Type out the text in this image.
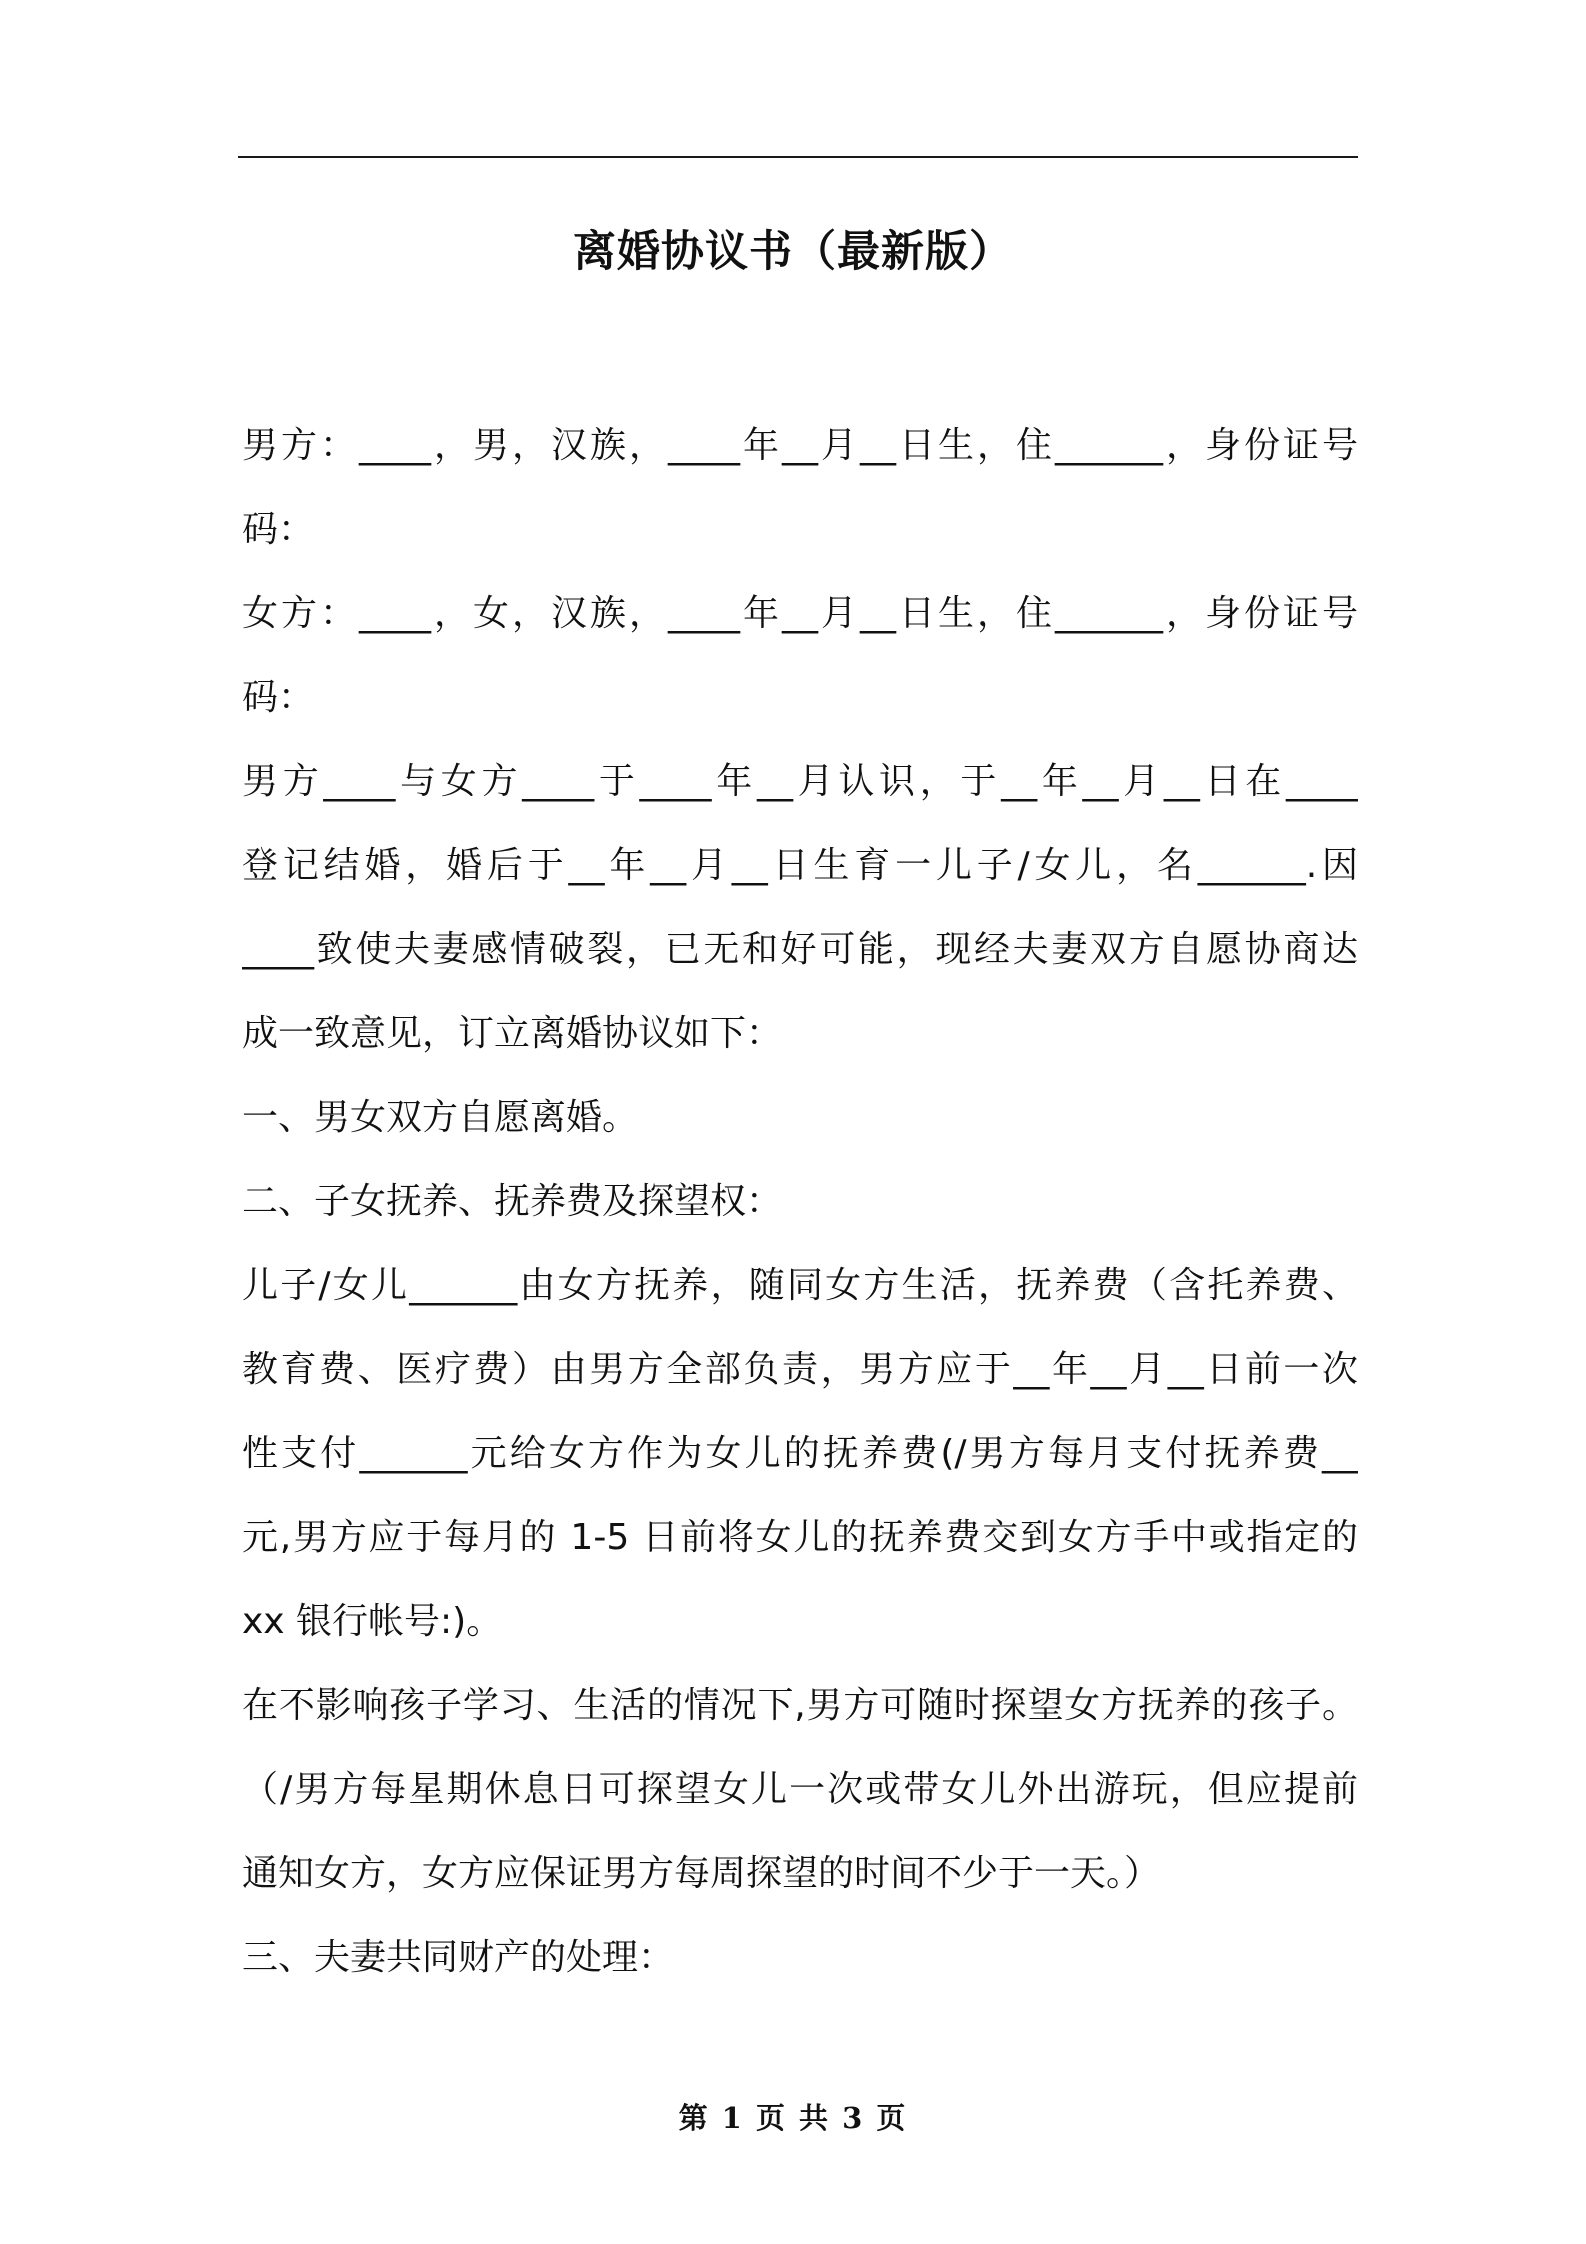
离婚协议书（最新版）
男方：____，男，汉族，____年__月__日生，住______，身份证号
码：
女方：____，女，汉族，____年__月__日生，住______，身份证号
码：
男方____与女方____于____年__月认识，于__年__月__日在____
登记结婚，婚后于__年__月__日生育一儿子/女儿，名______.因
____致使夫妻感情破裂，已无和好可能，现经夫妻双方自愿协商达
成一致意见，订立离婚协议如下：
一、男女双方自愿离婚。
二、子女抚养、抚养费及探望权：
儿子/女儿______由女方抚养，随同女方生活，抚养费（含托养费、
教育费、医疗费）由男方全部负责，男方应于__年__月__日前一次
性支付______元给女方作为女儿的抚养费(/男方每月支付抚养费__
元,男方应于每月的 1-5 日前将女儿的抚养费交到女方手中或指定的
xx 银行帐号:)。
在不影响孩子学习、生活的情况下,男方可随时探望女方抚养的孩子。
（/男方每星期休息日可探望女儿一次或带女儿外出游玩，但应提前
通知女方，女方应保证男方每周探望的时间不少于一天。）
三、夫妻共同财产的处理：
第 1 页 共 3 页
